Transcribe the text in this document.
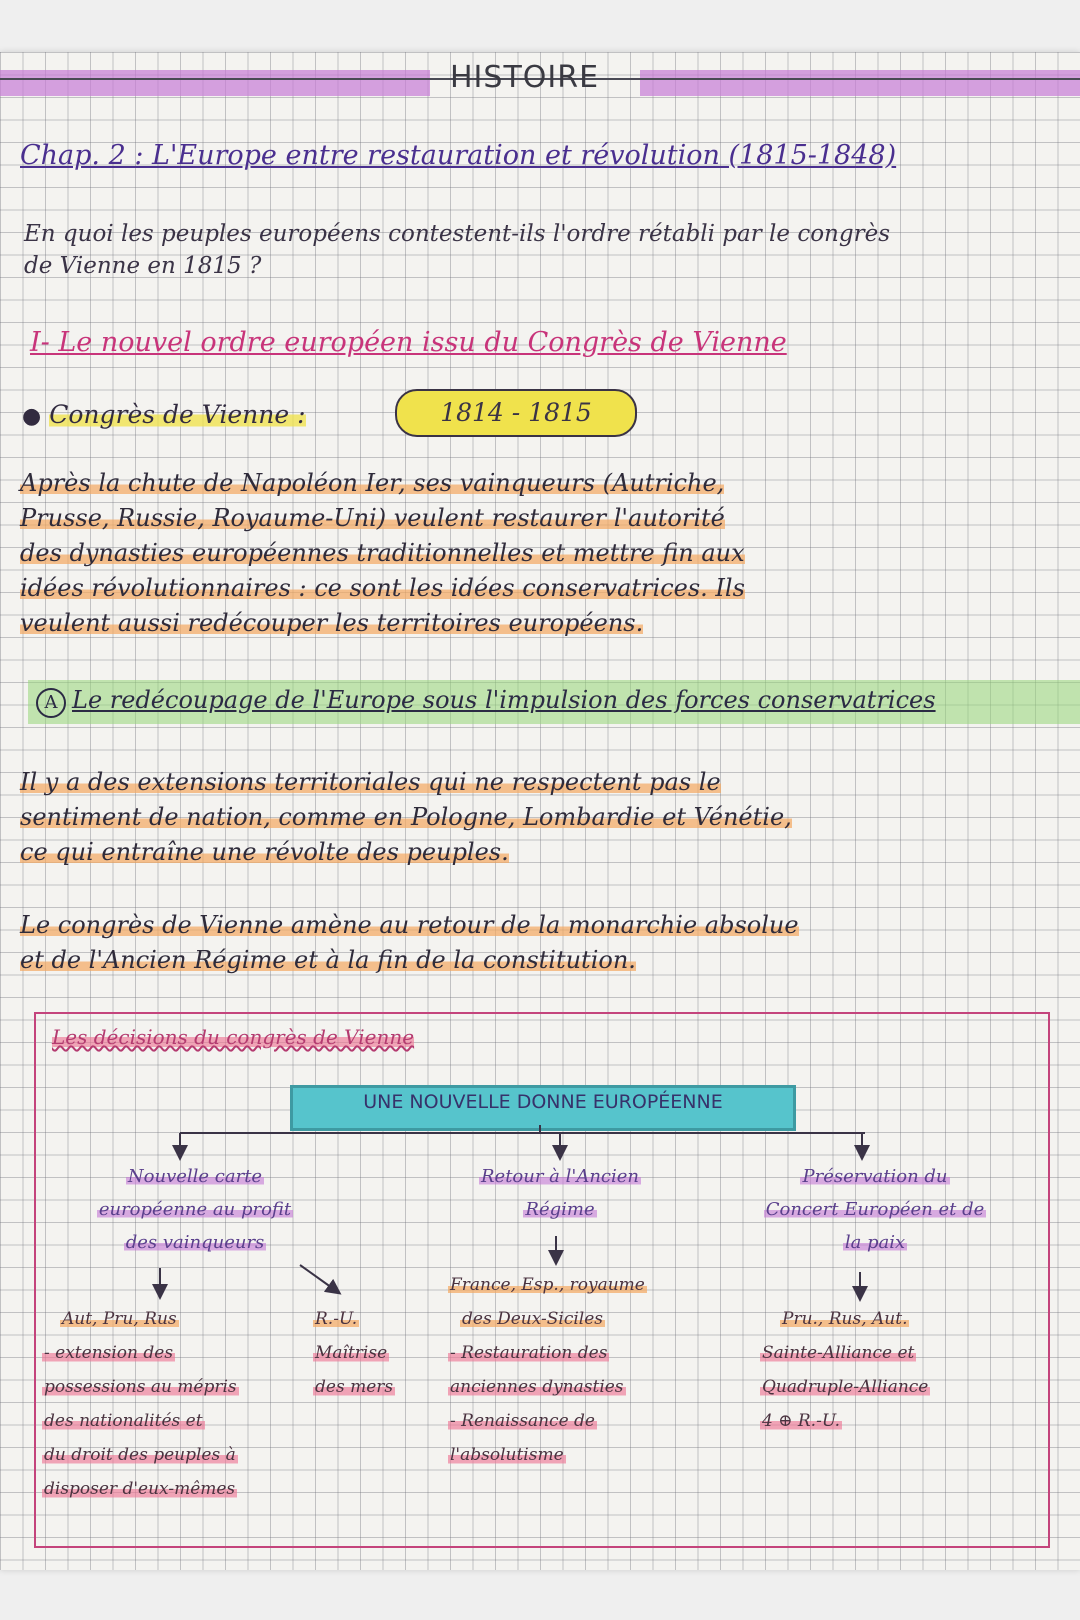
HISTOIRE
Chap. 2 : L'Europe entre restauration et révolution (1815-1848)
En quoi les peuples européens contestent-ils l'ordre rétabli par le congrès
de Vienne en 1815 ?
I- Le nouvel ordre européen issu du Congrès de Vienne
● Congrès de Vienne :	1814 - 1815
Après la chute de Napoléon Ier, ses vainqueurs (Autriche,
Prusse, Russie, Royaume-Uni) veulent restaurer l'autorité
des dynasties européennes traditionnelles et mettre fin aux
idées révolutionnaires : ce sont les idées conservatrices. Ils
veulent aussi redécouper les territoires européens.
A Le redécoupage de l'Europe sous l'impulsion des forces conservatrices
Il y a des extensions territoriales qui ne respectent pas le
sentiment de nation, comme en Pologne, Lombardie et Vénétie,
ce qui entraîne une révolte des peuples.
Le congrès de Vienne amène au retour de la monarchie absolue
et de l'Ancien Régime et à la fin de la constitution.
Les décisions du congrès de Vienne
UNE NOUVELLE DONNE EUROPÉENNE
Nouvelle carte
européenne au profit
des vainqueurs
Aut, Pru, Rus
- extension des
possessions au mépris
des nationalités et
du droit des peuples à
disposer d'eux-mêmes
R.-U.
Maîtrise
des mers
Retour à l'Ancien
Régime
France, Esp., royaume
des Deux-Siciles
- Restauration des
anciennes dynasties
- Renaissance de
l'absolutisme
Préservation du
Concert Européen et de
la paix
Pru., Rus, Aut.
Sainte-Alliance et
Quadruple-Alliance
4 ⊕ R.-U.
